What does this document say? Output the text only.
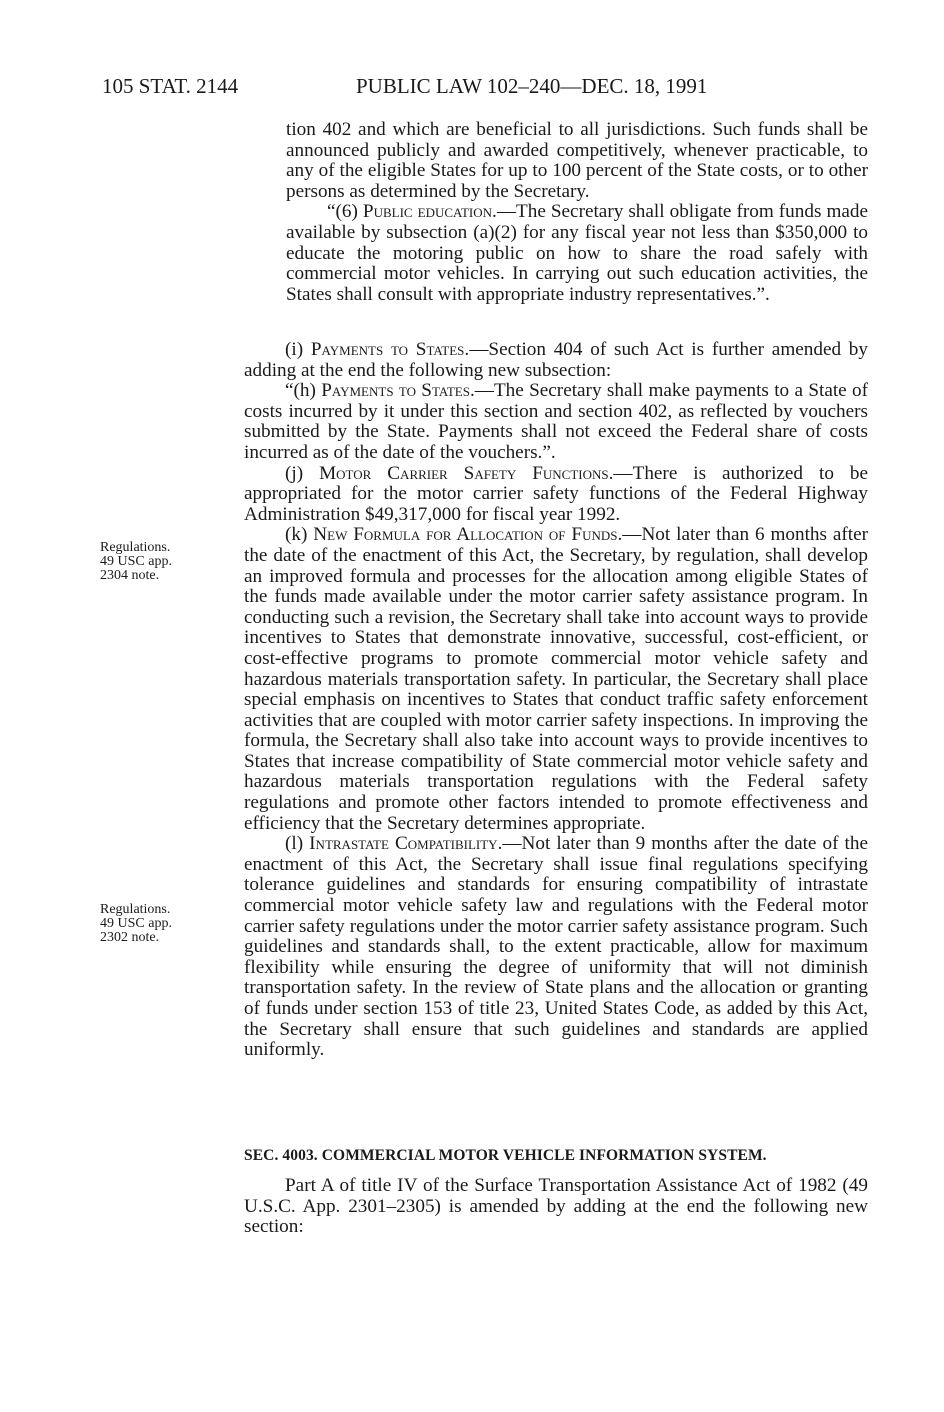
105 STAT. 2144	PUBLIC LAW 102–240—DEC. 18, 1991
Regulations.
49 USC app.
2304 note.
Regulations.
49 USC app.
2302 note.

tion 402 and which are beneficial to all jurisdictions. Such funds shall be announced publicly and awarded competitively, whenever practicable, to any of the eligible States for up to 100 percent of the State costs, or to other persons as determined by the Secretary.

“(6) Public education.—The Secretary shall obligate from funds made available by subsection (a)(2) for any fiscal year not less than $350,000 to educate the motoring public on how to share the road safely with commercial motor vehicles. In carrying out such education activities, the States shall consult with appropriate industry representatives.”.

(i) Payments to States.—Section 404 of such Act is further amended by adding at the end the following new subsection:

“(h) Payments to States.—The Secretary shall make payments to a State of costs incurred by it under this section and section 402, as reflected by vouchers submitted by the State. Payments shall not exceed the Federal share of costs incurred as of the date of the vouchers.”.

(j) Motor Carrier Safety Functions.—There is authorized to be appropriated for the motor carrier safety functions of the Federal Highway Administration $49,317,000 for fiscal year 1992.

(k) New Formula for Allocation of Funds.—Not later than 6 months after the date of the enactment of this Act, the Secretary, by regulation, shall develop an improved formula and processes for the allocation among eligible States of the funds made available under the motor carrier safety assistance program. In conducting such a revision, the Secretary shall take into account ways to provide incentives to States that demonstrate innovative, successful, cost-efficient, or cost-effective programs to promote commercial motor vehicle safety and hazardous materials transportation safety. In particular, the Secretary shall place special emphasis on incentives to States that conduct traffic safety enforcement activities that are coupled with motor carrier safety inspections. In improving the formula, the Secretary shall also take into account ways to provide incentives to States that increase compatibility of State commercial motor vehicle safety and hazardous materials transportation regulations with the Federal safety regulations and promote other factors intended to promote effectiveness and efficiency that the Secretary determines appropriate.

(l) Intrastate Compatibility.—Not later than 9 months after the date of the enactment of this Act, the Secretary shall issue final regulations specifying tolerance guidelines and standards for ensuring compatibility of intrastate commercial motor vehicle safety law and regulations with the Federal motor carrier safety regulations under the motor carrier safety assistance program. Such guidelines and standards shall, to the extent practicable, allow for maximum flexibility while ensuring the degree of uniformity that will not diminish transportation safety. In the review of State plans and the allocation or granting of funds under section 153 of title 23, United States Code, as added by this Act, the Secretary shall ensure that such guidelines and standards are applied uniformly.

SEC. 4003. COMMERCIAL MOTOR VEHICLE INFORMATION SYSTEM.

Part A of title IV of the Surface Transportation Assistance Act of 1982 (49 U.S.C. App. 2301–2305) is amended by adding at the end the following new section:
